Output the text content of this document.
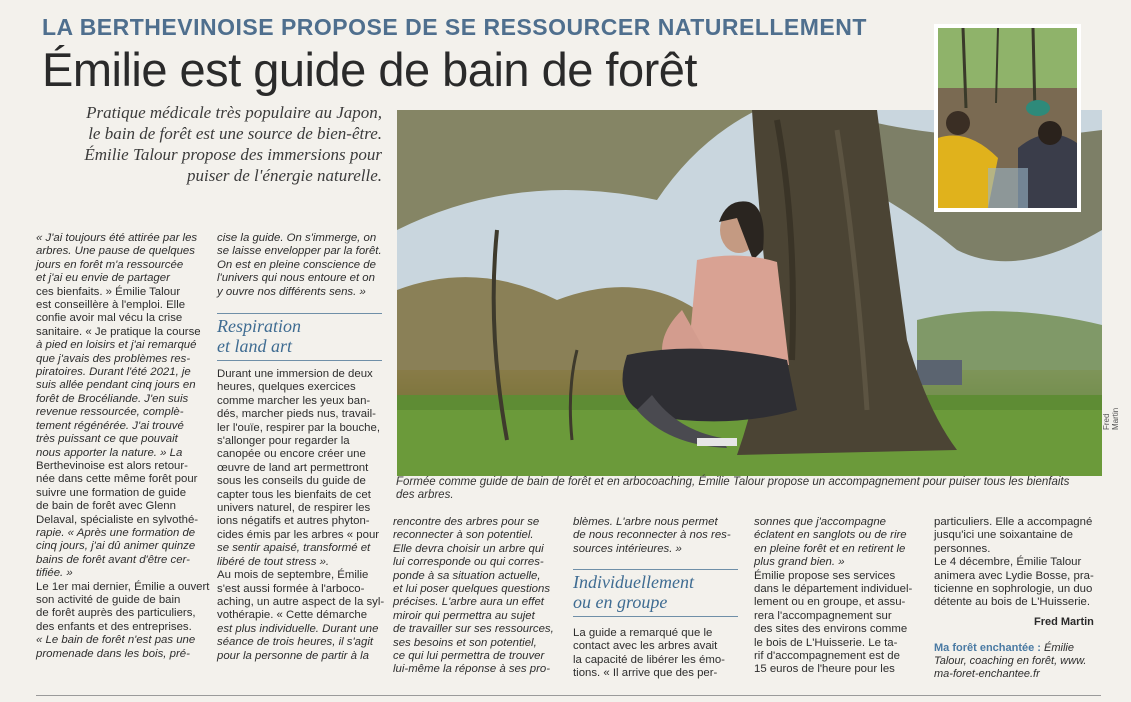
LA BERTHEVINOISE PROPOSE DE SE RESSOURCER NATURELLEMENT
Émilie est guide de bain de forêt
Pratique médicale très populaire au Japon,
le bain de forêt est une source de bien-être.
Émilie Talour propose des immersions pour
puiser de l'énergie naturelle.
Fred Martin
Formée comme guide de bain de forêt et en arbocoaching, Émilie Talour propose un accompagnement pour puiser tous les bienfaits
des arbres.
« J'ai toujours été attirée par les
arbres. Une pause de quelques
jours en forêt m'a ressourcée
et j'ai eu envie de partager
ces bienfaits. » Émilie Talour
est conseillère à l'emploi. Elle
confie avoir mal vécu la crise
sanitaire. « Je pratique la course
à pied en loisirs et j'ai remarqué
que j'avais des problèmes res-
piratoires. Durant l'été 2021, je
suis allée pendant cinq jours en
forêt de Brocéliande. J'en suis
revenue ressourcée, complè-
tement régénérée. J'ai trouvé
très puissant ce que pouvait
nous apporter la nature. » La
Berthevinoise est alors retour-
née dans cette même forêt pour
suivre une formation de guide
de bain de forêt avec Glenn
Delaval, spécialiste en sylvothé-
rapie. « Après une formation de
cinq jours, j'ai dû animer quinze
bains de forêt avant d'être cer-
tifiée. »
Le 1er mai dernier, Émilie a ouvert
son activité de guide de bain
de forêt auprès des particuliers,
des enfants et des entreprises.
« Le bain de forêt n'est pas une
promenade dans les bois, pré-
cise la guide. On s'immerge, on
se laisse envelopper par la forêt.
On est en pleine conscience de
l'univers qui nous entoure et on
y ouvre nos différents sens. »
Respiration
et land art
Durant une immersion de deux
heures, quelques exercices
comme marcher les yeux ban-
dés, marcher pieds nus, travail-
ler l'ouïe, respirer par la bouche,
s'allonger pour regarder la
canopée ou encore créer une
œuvre de land art permettront
sous les conseils du guide de
capter tous les bienfaits de cet
univers naturel, de respirer les
ions négatifs et autres phyton-
cides émis par les arbres « pour
se sentir apaisé, transformé et
libéré de tout stress ».
Au mois de septembre, Émilie
s'est aussi formée à l'arboco-
aching, un autre aspect de la syl-
vothérapie. « Cette démarche
est plus individuelle. Durant une
séance de trois heures, il s'agit
pour la personne de partir à la
rencontre des arbres pour se
reconnecter à son potentiel.
Elle devra choisir un arbre qui
lui corresponde ou qui corres-
ponde à sa situation actuelle,
et lui poser quelques questions
précises. L'arbre aura un effet
miroir qui permettra au sujet
de travailler sur ses ressources,
ses besoins et son potentiel,
ce qui lui permettra de trouver
lui-même la réponse à ses pro-
blèmes. L'arbre nous permet
de nous reconnecter à nos res-
sources intérieures. »
Individuellement
ou en groupe
La guide a remarqué que le
contact avec les arbres avait
la capacité de libérer les émo-
tions. « Il arrive que des per-
sonnes que j'accompagne
éclatent en sanglots ou de rire
en pleine forêt et en retirent le
plus grand bien. »
Émilie propose ses services
dans le département individuel-
lement ou en groupe, et assu-
rera l'accompagnement sur
des sites des environs comme
le bois de L'Huisserie. Le ta-
rif d'accompagnement est de
15 euros de l'heure pour les
particuliers. Elle a accompagné
jusqu'ici une soixantaine de
personnes.
Le 4 décembre, Émilie Talour
animera avec Lydie Bosse, pra-
ticienne en sophrologie, un duo
détente au bois de L'Huisserie.
Fred Martin
Ma forêt enchantée : Émilie
Talour, coaching en forêt, www.
ma-foret-enchantee.fr
